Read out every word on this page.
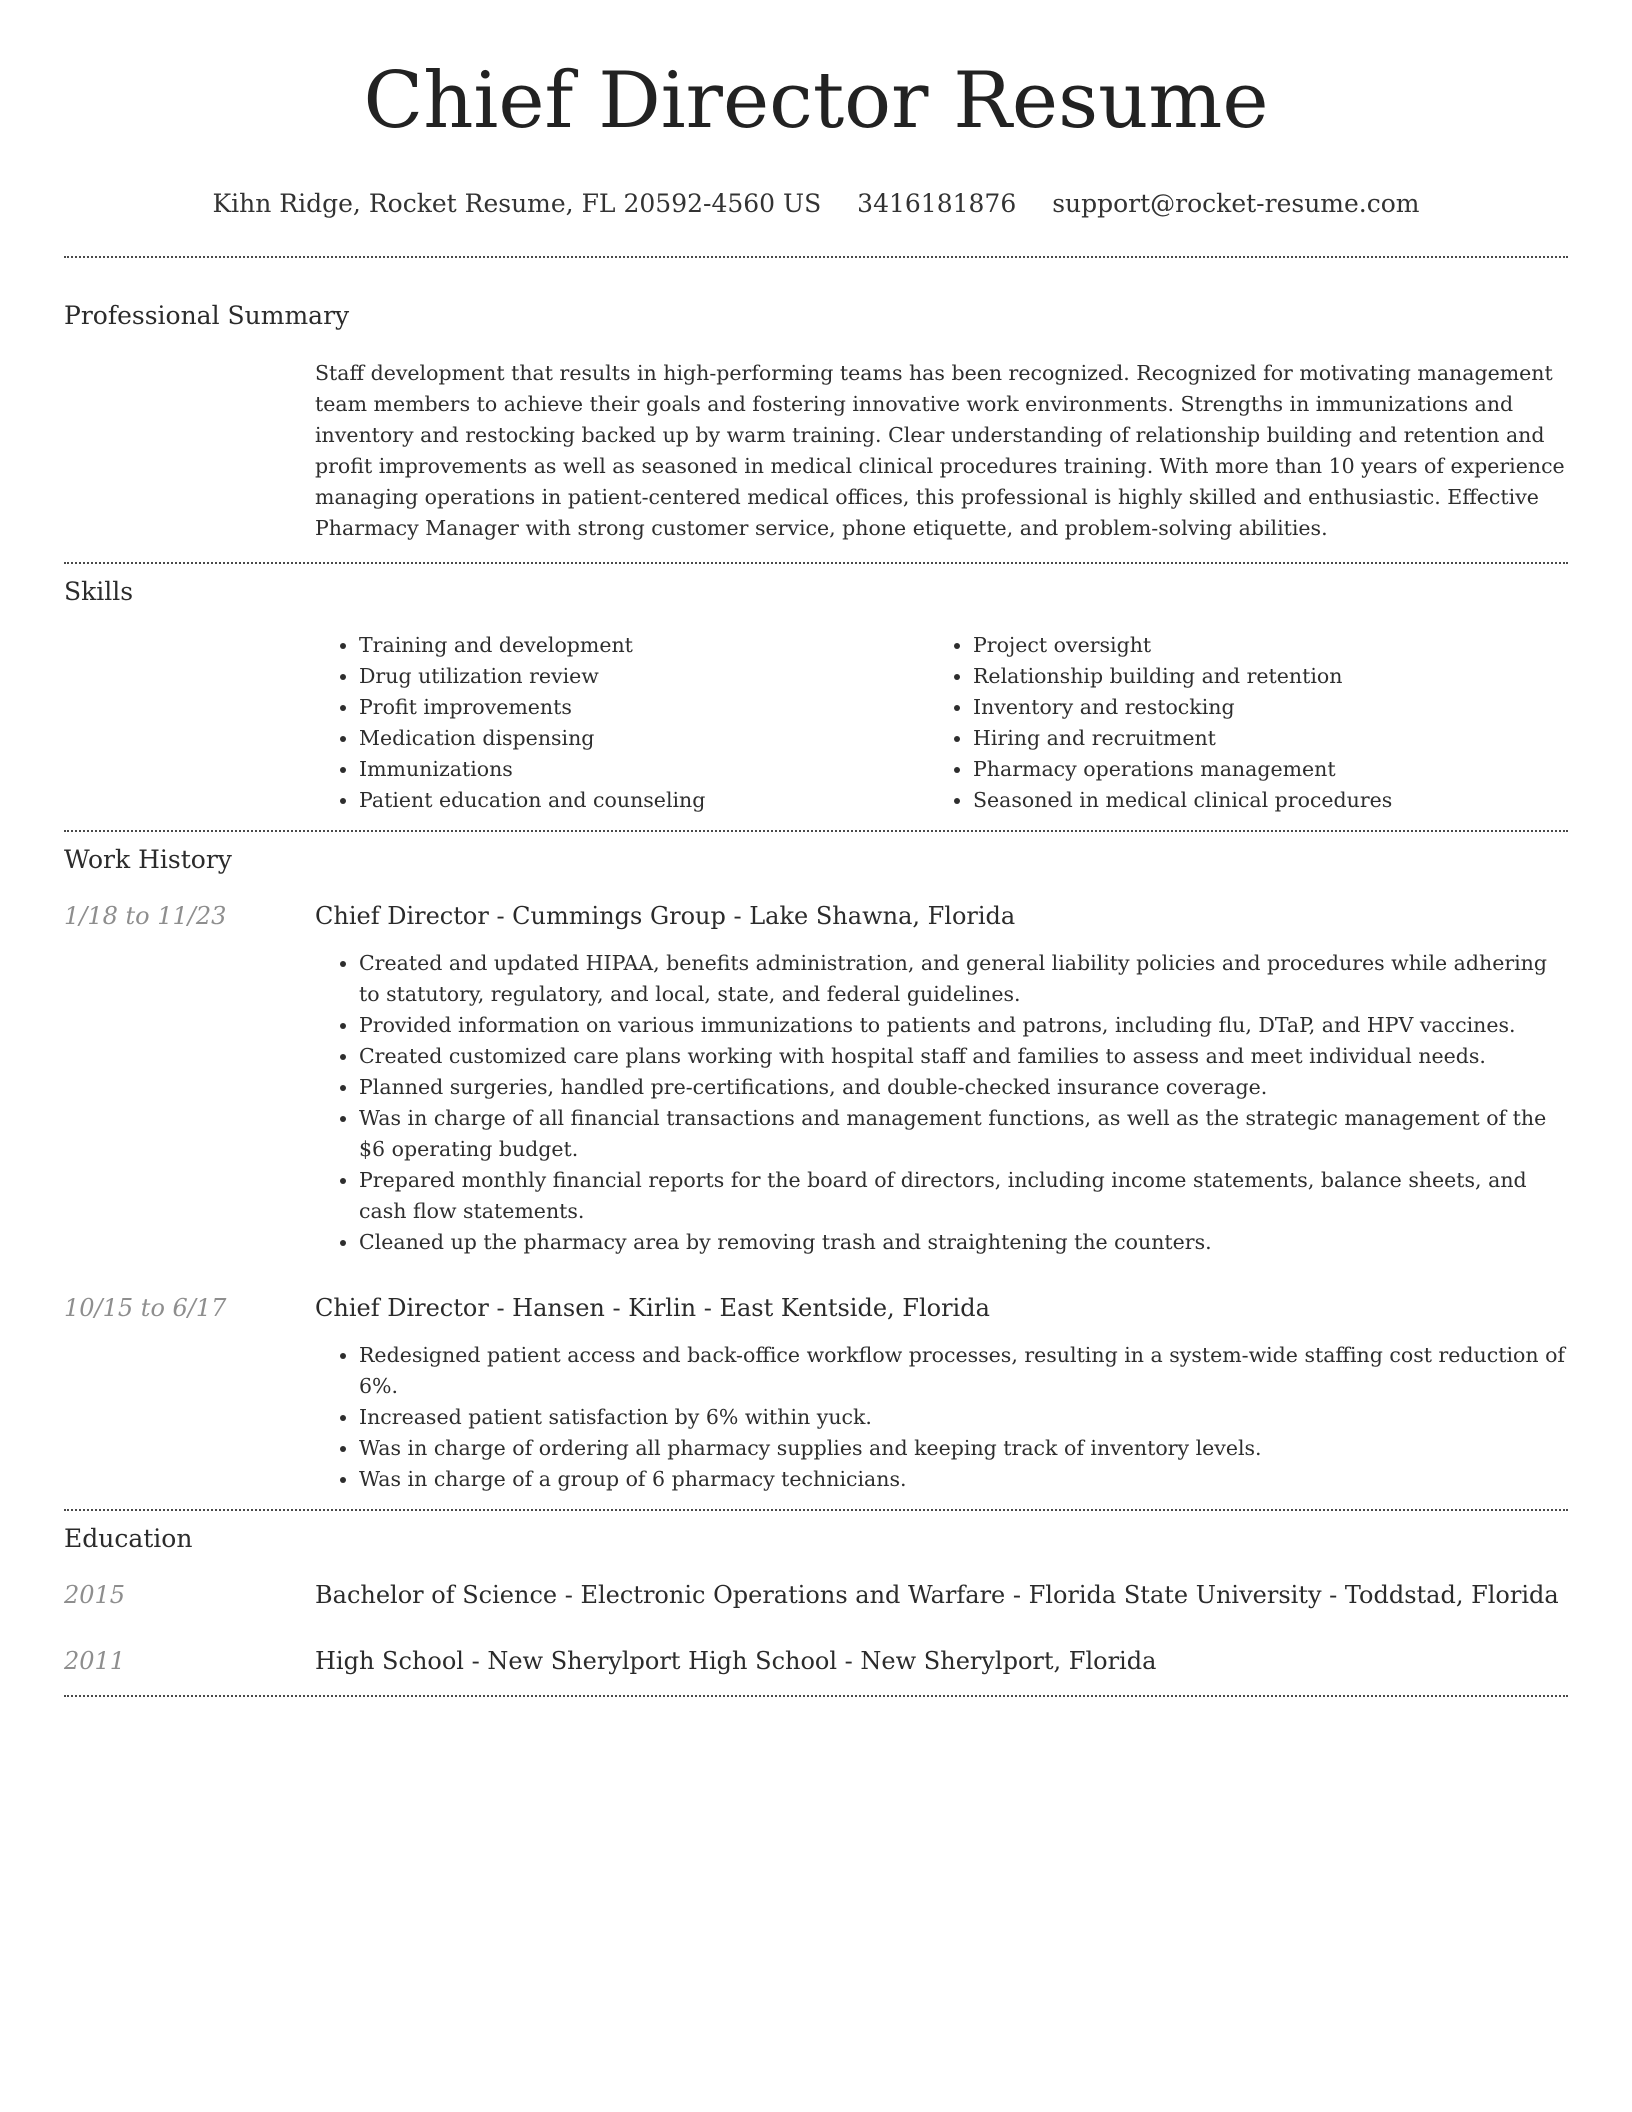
Chief Director Resume
Kihn Ridge, Rocket Resume, FL 20592-4560 US 3416181876 support@rocket-resume.com
Professional Summary

Staff development that results in high-performing teams has been recognized. Recognized for motivating management team members to achieve their goals and fostering innovative work environments. Strengths in immunizations and inventory and restocking backed up by warm training. Clear understanding of relationship building and retention and profit improvements as well as seasoned in medical clinical procedures training. With more than 10 years of experience managing operations in patient-centered medical offices, this professional is highly skilled and enthusiastic. Effective Pharmacy Manager with strong customer service, phone etiquette, and problem-solving abilities.

Skills
• Training and development
• Drug utilization review
• Profit improvements
• Medication dispensing
• Immunizations
• Patient education and counseling
• Project oversight
• Relationship building and retention
• Inventory and restocking
• Hiring and recruitment
• Pharmacy operations management
• Seasoned in medical clinical procedures
Work History
1/18 to 11/23	Chief Director - Cummings Group - Lake Shawna, Florida
• Created and updated HIPAA, benefits administration, and general liability policies and procedures while adhering to statutory, regulatory, and local, state, and federal guidelines.
• Provided information on various immunizations to patients and patrons, including flu, DTaP, and HPV vaccines.
• Created customized care plans working with hospital staff and families to assess and meet individual needs.
• Planned surgeries, handled pre-certifications, and double-checked insurance coverage.
• Was in charge of all financial transactions and management functions, as well as the strategic management of the $6 operating budget.
• Prepared monthly financial reports for the board of directors, including income statements, balance sheets, and cash flow statements.
• Cleaned up the pharmacy area by removing trash and straightening the counters.
10/15 to 6/17	Chief Director - Hansen - Kirlin - East Kentside, Florida
• Redesigned patient access and back-office workflow processes, resulting in a system-wide staffing cost reduction of 6%.
• Increased patient satisfaction by 6% within yuck.
• Was in charge of ordering all pharmacy supplies and keeping track of inventory levels.
• Was in charge of a group of 6 pharmacy technicians.
Education
2015	Bachelor of Science - Electronic Operations and Warfare - Florida State University - Toddstad, Florida
2011	High School - New Sherylport High School - New Sherylport, Florida
